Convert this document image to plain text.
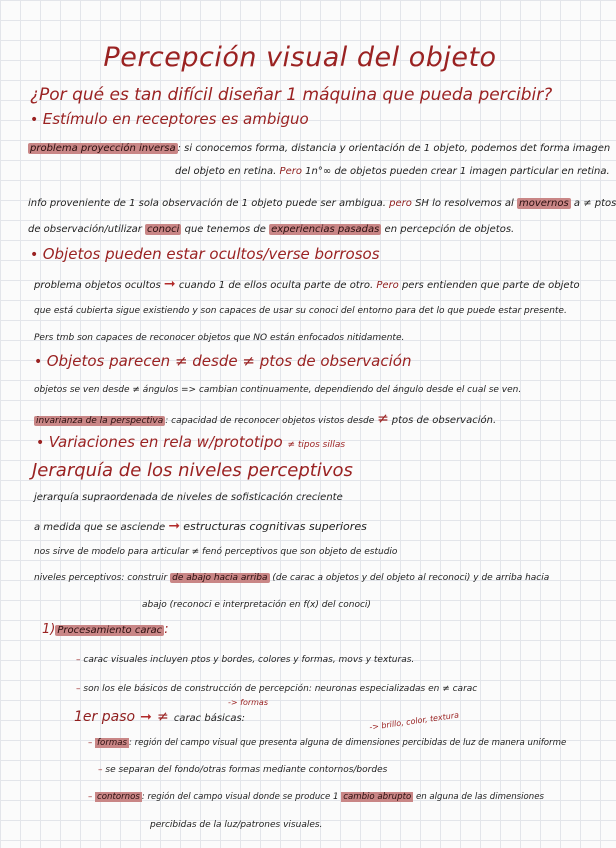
Percepción visual del objeto
¿Por qué es tan difícil diseñar 1 máquina que pueda percibir?
• Estímulo en receptores es ambiguo
problema proyección inversa : si conocemos forma, distancia y orientación de 1 objeto, podemos det forma imagen
del objeto en retina. Pero 1n°∞ de objetos pueden crear 1 imagen particular en retina.
info proveniente de 1 sola observación de 1 objeto puede ser ambigua. pero SH lo resolvemos al movernos a ≠ ptos
de observación/utilizar conoci que tenemos de experiencias pasadas en percepción de objetos.
• Objetos pueden estar ocultos/verse borrosos
problema objetos ocultos ➞ cuando 1 de ellos oculta parte de otro. Pero pers entienden que parte de objeto
que está cubierta sigue existiendo y son capaces de usar su conoci del entorno para det lo que puede estar presente.
Pers tmb son capaces de reconocer objetos que NO están enfocados nitidamente.
• Objetos parecen ≠ desde ≠ ptos de observación
objetos se ven desde ≠ ángulos => cambian continuamente, dependiendo del ángulo desde el cual se ven.
invarianza de la perspectiva : capacidad de reconocer objetos vistos desde ≠ ptos de observación.
• Variaciones en rela w/prototipo ≠ tipos sillas
Jerarquía de los niveles perceptivos
jerarquía supraordenada de niveles de sofisticación creciente
a medida que se asciende ➞ estructuras cognitivas superiores
nos sirve de modelo para articular ≠ fenó perceptivos que son objeto de estudio
niveles perceptivos: construir de abajo hacia arriba (de carac a objetos y del objeto al reconoci) y de arriba hacia
abajo (reconoci e interpretación en f(x) del conoci)
1) Procesamiento carac :
– carac visuales incluyen ptos y bordes, colores y formas, movs y texturas.
– son los ele básicos de construcción de percepción: neuronas especializadas en ≠ carac
-> formas
1er paso ➞ ≠ carac básicas:	-> brillo, color, textura
– formas : región del campo visual que presenta alguna de dimensiones percibidas de luz de manera uniforme
– se separan del fondo/otras formas mediante contornos/bordes
– contornos : región del campo visual donde se produce 1 cambio abrupto en alguna de las dimensiones
percibidas de la luz/patrones visuales.
